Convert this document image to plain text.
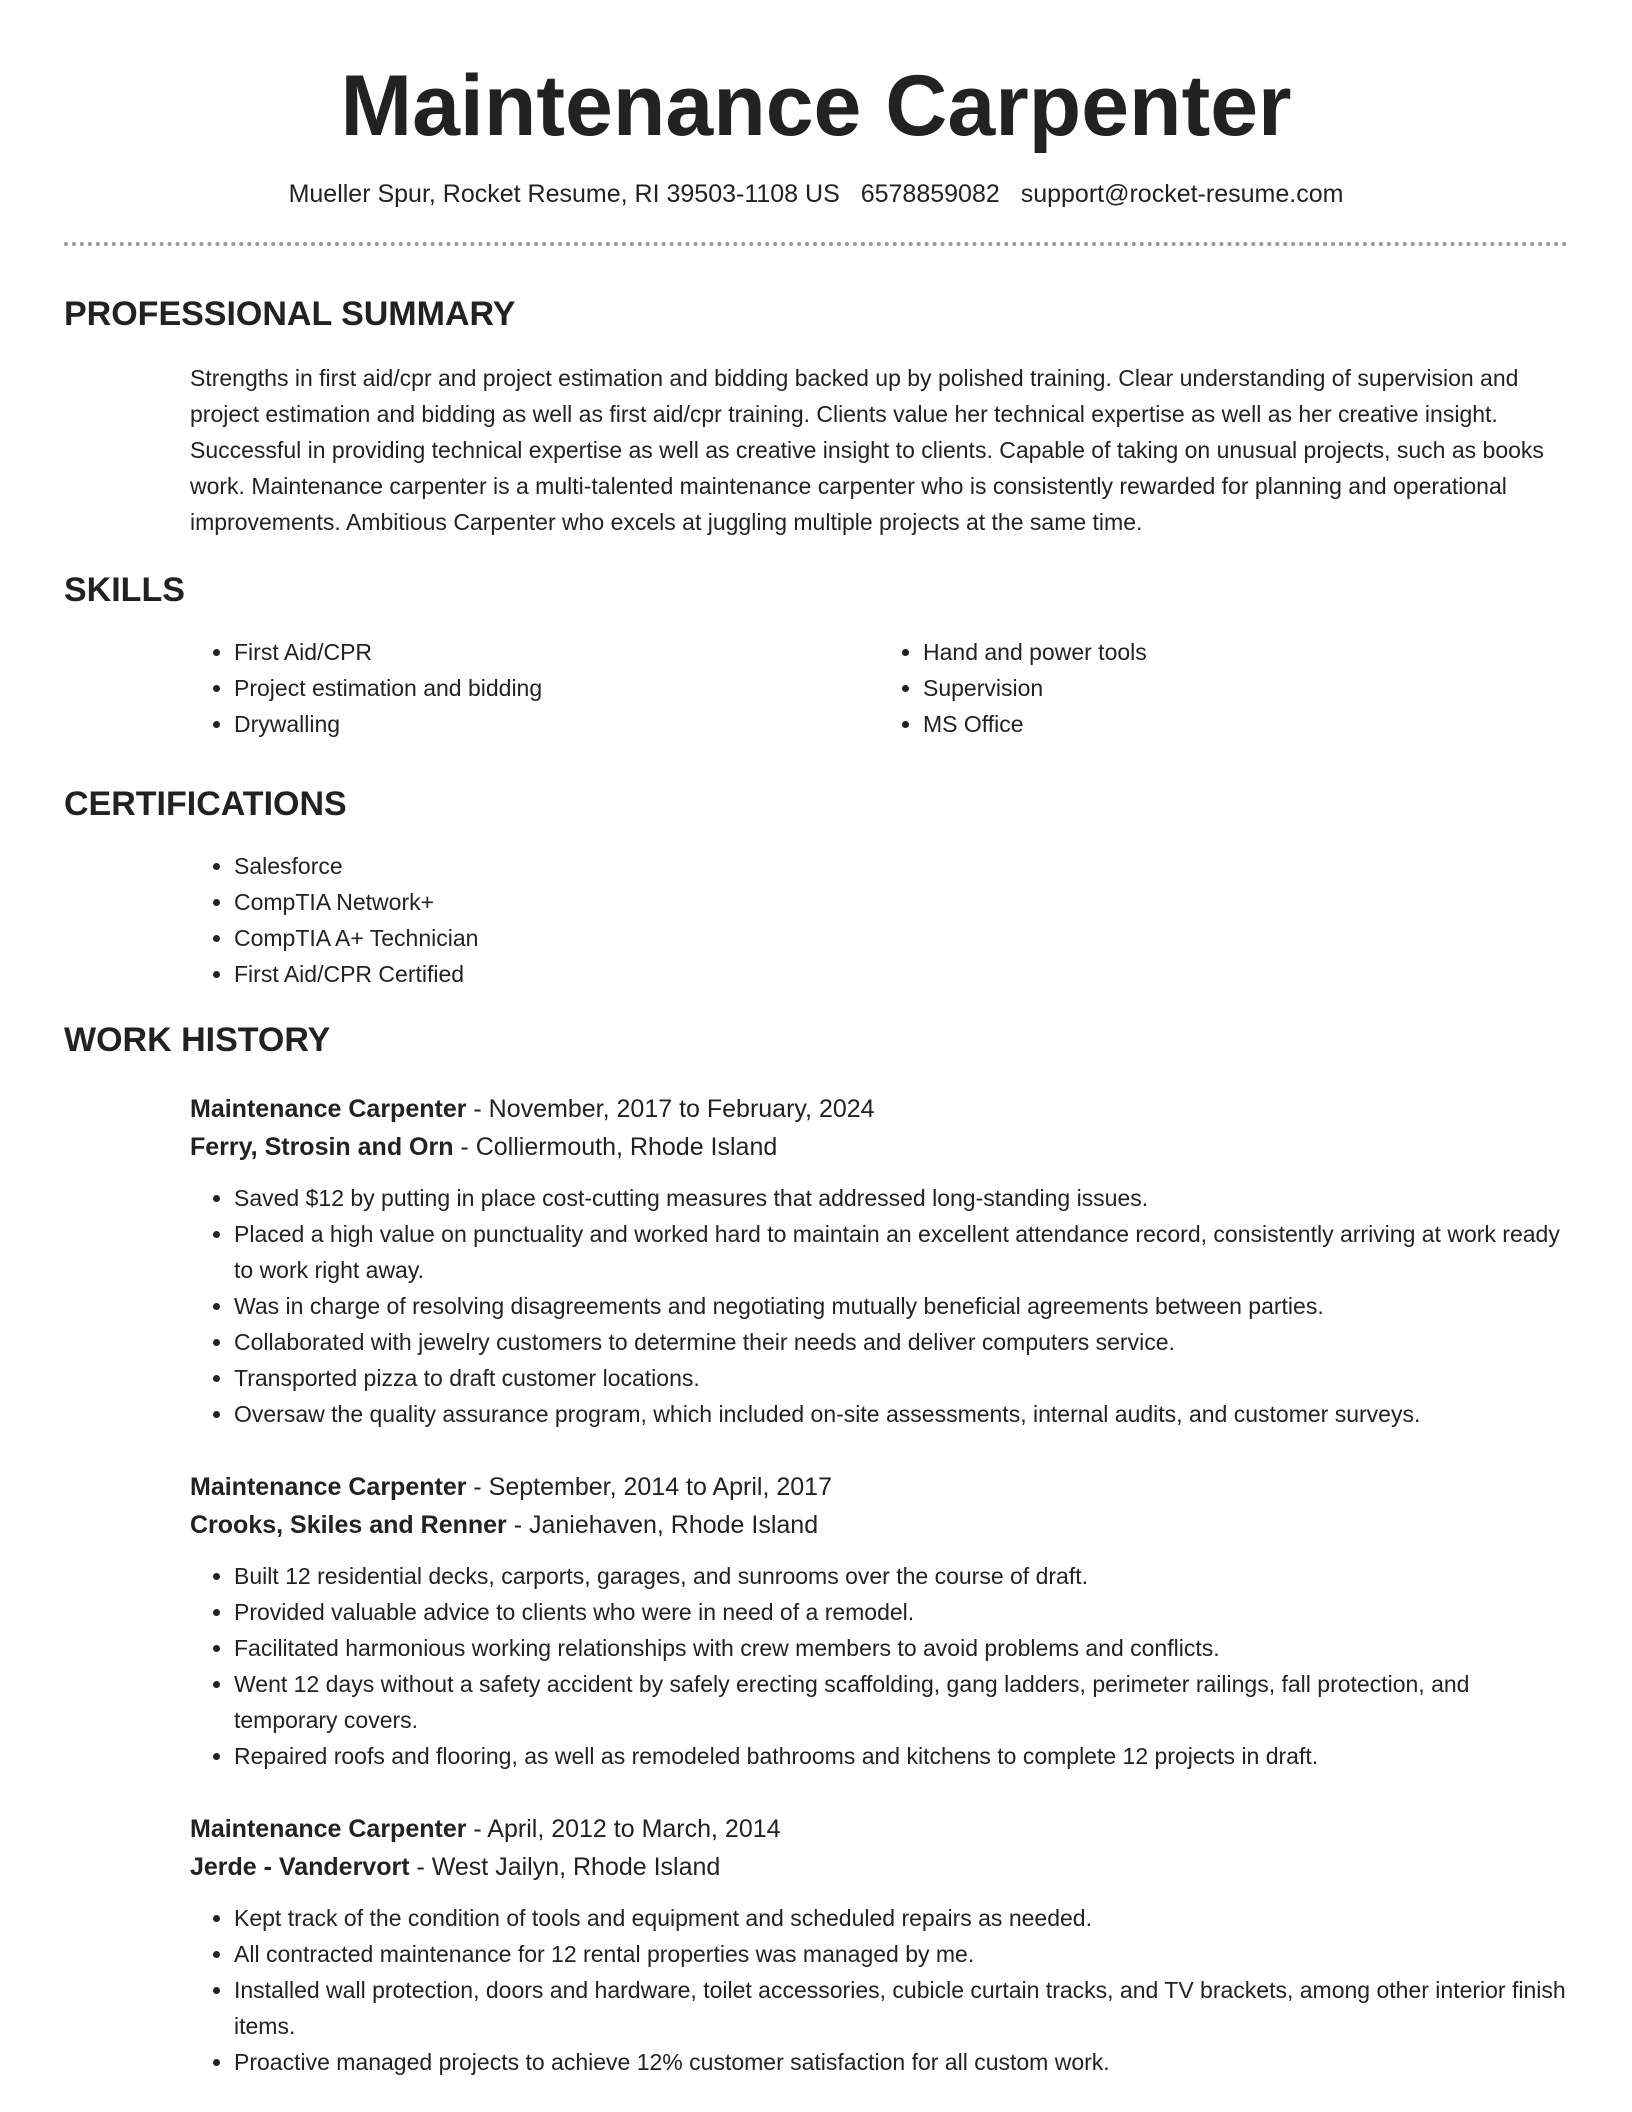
Maintenance Carpenter
Mueller Spur, Rocket Resume, RI 39503-1108 US 6578859082 support@rocket-resume.com
PROFESSIONAL SUMMARY

Strengths in first aid/cpr and project estimation and bidding backed up by polished training. Clear understanding of supervision and project estimation and bidding as well as first aid/cpr training. Clients value her technical expertise as well as her creative insight. Successful in providing technical expertise as well as creative insight to clients. Capable of taking on unusual projects, such as books work. Maintenance carpenter is a multi-talented maintenance carpenter who is consistently rewarded for planning and operational improvements. Ambitious Carpenter who excels at juggling multiple projects at the same time.

SKILLS
• First Aid/CPR
• Project estimation and bidding
• Drywalling
• Hand and power tools
• Supervision
• MS Office
CERTIFICATIONS
• Salesforce
• CompTIA Network+
• CompTIA A+ Technician
• First Aid/CPR Certified
WORK HISTORY
Maintenance Carpenter - November, 2017 to February, 2024
Ferry, Strosin and Orn - Colliermouth, Rhode Island
• Saved $12 by putting in place cost-cutting measures that addressed long-standing issues.
• Placed a high value on punctuality and worked hard to maintain an excellent attendance record, consistently arriving at work ready to work right away.
• Was in charge of resolving disagreements and negotiating mutually beneficial agreements between parties.
• Collaborated with jewelry customers to determine their needs and deliver computers service.
• Transported pizza to draft customer locations.
• Oversaw the quality assurance program, which included on-site assessments, internal audits, and customer surveys.
Maintenance Carpenter - September, 2014 to April, 2017
Crooks, Skiles and Renner - Janiehaven, Rhode Island
• Built 12 residential decks, carports, garages, and sunrooms over the course of draft.
• Provided valuable advice to clients who were in need of a remodel.
• Facilitated harmonious working relationships with crew members to avoid problems and conflicts.
• Went 12 days without a safety accident by safely erecting scaffolding, gang ladders, perimeter railings, fall protection, and temporary covers.
• Repaired roofs and flooring, as well as remodeled bathrooms and kitchens to complete 12 projects in draft.
Maintenance Carpenter - April, 2012 to March, 2014
Jerde - Vandervort - West Jailyn, Rhode Island
• Kept track of the condition of tools and equipment and scheduled repairs as needed.
• All contracted maintenance for 12 rental properties was managed by me.
• Installed wall protection, doors and hardware, toilet accessories, cubicle curtain tracks, and TV brackets, among other interior finish items.
• Proactive managed projects to achieve 12% customer satisfaction for all custom work.
